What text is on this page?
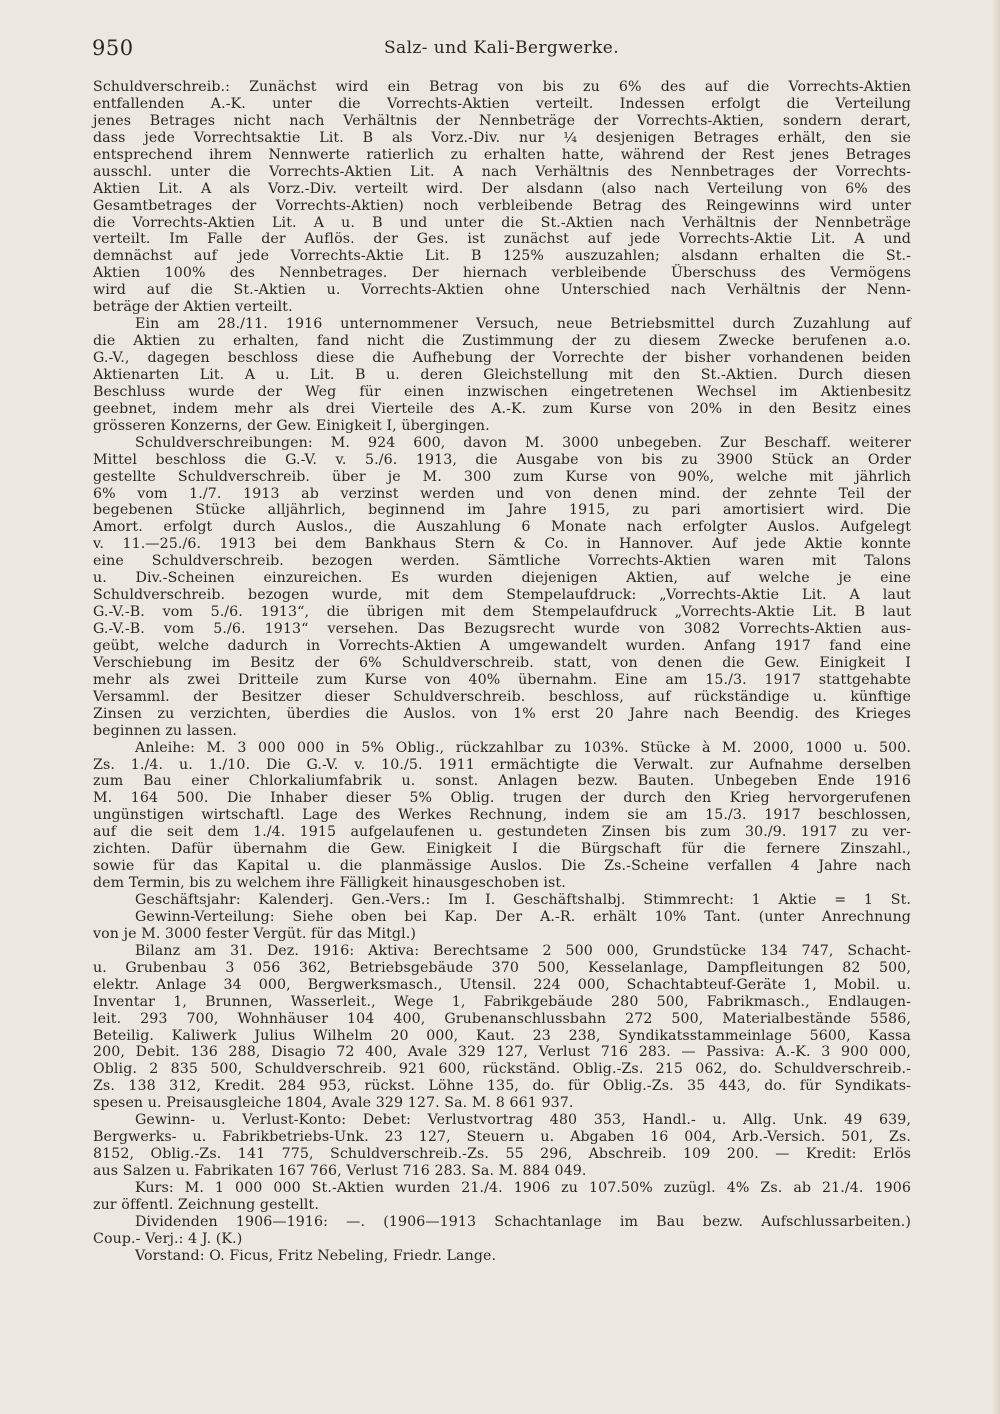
950	Salz- und Kali-Bergwerke.
Schuldverschreib.: Zunächst wird ein Betrag von bis zu 6% des auf die Vorrechts-Aktien
entfallenden A.-K. unter die Vorrechts-Aktien verteilt. Indessen erfolgt die Verteilung
jenes Betrages nicht nach Verhältnis der Nennbeträge der Vorrechts-Aktien, sondern derart,
dass jede Vorrechtsaktie Lit. B als Vorz.-Div. nur ¼ desjenigen Betrages erhält, den sie
entsprechend ihrem Nennwerte ratierlich zu erhalten hatte, während der Rest jenes Betrages
ausschl. unter die Vorrechts-Aktien Lit. A nach Verhältnis des Nennbetrages der Vorrechts-
Aktien Lit. A als Vorz.-Div. verteilt wird. Der alsdann (also nach Verteilung von 6% des
Gesamtbetrages der Vorrechts-Aktien) noch verbleibende Betrag des Reingewinns wird unter
die Vorrechts-Aktien Lit. A u. B und unter die St.-Aktien nach Verhältnis der Nennbeträge
verteilt. Im Falle der Auflös. der Ges. ist zunächst auf jede Vorrechts-Aktie Lit. A und
demnächst auf jede Vorrechts-Aktie Lit. B 125% auszuzahlen; alsdann erhalten die St.-
Aktien 100% des Nennbetrages. Der hiernach verbleibende Überschuss des Vermögens
wird auf die St.-Aktien u. Vorrechts-Aktien ohne Unterschied nach Verhältnis der Nenn-
beträge der Aktien verteilt.
Ein am 28./11. 1916 unternommener Versuch, neue Betriebsmittel durch Zuzahlung auf
die Aktien zu erhalten, fand nicht die Zustimmung der zu diesem Zwecke berufenen a.o.
G.-V., dagegen beschloss diese die Aufhebung der Vorrechte der bisher vorhandenen beiden
Aktienarten Lit. A u. Lit. B u. deren Gleichstellung mit den St.-Aktien. Durch diesen
Beschluss wurde der Weg für einen inzwischen eingetretenen Wechsel im Aktienbesitz
geebnet, indem mehr als drei Vierteile des A.-K. zum Kurse von 20% in den Besitz eines
grösseren Konzerns, der Gew. Einigkeit I, übergingen.
Schuldverschreibungen: M. 924 600, davon M. 3000 unbegeben. Zur Beschaff. weiterer
Mittel beschloss die G.-V. v. 5./6. 1913, die Ausgabe von bis zu 3900 Stück an Order
gestellte Schuldverschreib. über je M. 300 zum Kurse von 90%, welche mit jährlich
6% vom 1./7. 1913 ab verzinst werden und von denen mind. der zehnte Teil der
begebenen Stücke alljährlich, beginnend im Jahre 1915, zu pari amortisiert wird. Die
Amort. erfolgt durch Auslos., die Auszahlung 6 Monate nach erfolgter Auslos. Aufgelegt
v. 11.—25./6. 1913 bei dem Bankhaus Stern & Co. in Hannover. Auf jede Aktie konnte
eine Schuldverschreib. bezogen werden. Sämtliche Vorrechts-Aktien waren mit Talons
u. Div.-Scheinen einzureichen. Es wurden diejenigen Aktien, auf welche je eine
Schuldverschreib. bezogen wurde, mit dem Stempelaufdruck: „Vorrechts-Aktie Lit. A laut
G.-V.-B. vom 5./6. 1913“, die übrigen mit dem Stempelaufdruck „Vorrechts-Aktie Lit. B laut
G.-V.-B. vom 5./6. 1913“ versehen. Das Bezugsrecht wurde von 3082 Vorrechts-Aktien aus-
geübt, welche dadurch in Vorrechts-Aktien A umgewandelt wurden. Anfang 1917 fand eine
Verschiebung im Besitz der 6% Schuldverschreib. statt, von denen die Gew. Einigkeit I
mehr als zwei Dritteile zum Kurse von 40% übernahm. Eine am 15./3. 1917 stattgehabte
Versamml. der Besitzer dieser Schuldverschreib. beschloss, auf rückständige u. künftige
Zinsen zu verzichten, überdies die Auslos. von 1% erst 20 Jahre nach Beendig. des Krieges
beginnen zu lassen.
Anleihe: M. 3 000 000 in 5% Oblig., rückzahlbar zu 103%. Stücke à M. 2000, 1000 u. 500.
Zs. 1./4. u. 1./10. Die G.-V. v. 10./5. 1911 ermächtigte die Verwalt. zur Aufnahme derselben
zum Bau einer Chlorkaliumfabrik u. sonst. Anlagen bezw. Bauten. Unbegeben Ende 1916
M. 164 500. Die Inhaber dieser 5% Oblig. trugen der durch den Krieg hervorgerufenen
ungünstigen wirtschaftl. Lage des Werkes Rechnung, indem sie am 15./3. 1917 beschlossen,
auf die seit dem 1./4. 1915 aufgelaufenen u. gestundeten Zinsen bis zum 30./9. 1917 zu ver-
zichten. Dafür übernahm die Gew. Einigkeit I die Bürgschaft für die fernere Zinszahl.,
sowie für das Kapital u. die planmässige Auslos. Die Zs.-Scheine verfallen 4 Jahre nach
dem Termin, bis zu welchem ihre Fälligkeit hinausgeschoben ist.
Geschäftsjahr: Kalenderj. Gen.-Vers.: Im I. Geschäftshalbj. Stimmrecht: 1 Aktie = 1 St.
Gewinn-Verteilung: Siehe oben bei Kap. Der A.-R. erhält 10% Tant. (unter Anrechnung
von je M. 3000 fester Vergüt. für das Mitgl.)
Bilanz am 31. Dez. 1916: Aktiva: Berechtsame 2 500 000, Grundstücke 134 747, Schacht-
u. Grubenbau 3 056 362, Betriebsgebäude 370 500, Kesselanlage, Dampfleitungen 82 500,
elektr. Anlage 34 000, Bergwerksmasch., Utensil. 224 000, Schachtabteuf-Geräte 1, Mobil. u.
Inventar 1, Brunnen, Wasserleit., Wege 1, Fabrikgebäude 280 500, Fabrikmasch., Endlaugen-
leit. 293 700, Wohnhäuser 104 400, Grubenanschlussbahn 272 500, Materialbestände 5586,
Beteilig. Kaliwerk Julius Wilhelm 20 000, Kaut. 23 238, Syndikatsstammeinlage 5600, Kassa
200, Debit. 136 288, Disagio 72 400, Avale 329 127, Verlust 716 283. — Passiva: A.-K. 3 900 000,
Oblig. 2 835 500, Schuldverschreib. 921 600, rückständ. Oblig.-Zs. 215 062, do. Schuldverschreib.-
Zs. 138 312, Kredit. 284 953, rückst. Löhne 135, do. für Oblig.-Zs. 35 443, do. für Syndikats-
spesen u. Preisausgleiche 1804, Avale 329 127. Sa. M. 8 661 937.
Gewinn- u. Verlust-Konto: Debet: Verlustvortrag 480 353, Handl.- u. Allg. Unk. 49 639,
Bergwerks- u. Fabrikbetriebs-Unk. 23 127, Steuern u. Abgaben 16 004, Arb.-Versich. 501, Zs.
8152, Oblig.-Zs. 141 775, Schuldverschreib.-Zs. 55 296, Abschreib. 109 200. — Kredit: Erlös
aus Salzen u. Fabrikaten 167 766, Verlust 716 283. Sa. M. 884 049.
Kurs: M. 1 000 000 St.-Aktien wurden 21./4. 1906 zu 107.50% zuzügl. 4% Zs. ab 21./4. 1906
zur öffentl. Zeichnung gestellt.
Dividenden 1906—1916: —. (1906—1913 Schachtanlage im Bau bezw. Aufschlussarbeiten.)
Coup.- Verj.: 4 J. (K.)
Vorstand: O. Ficus, Fritz Nebeling, Friedr. Lange.
